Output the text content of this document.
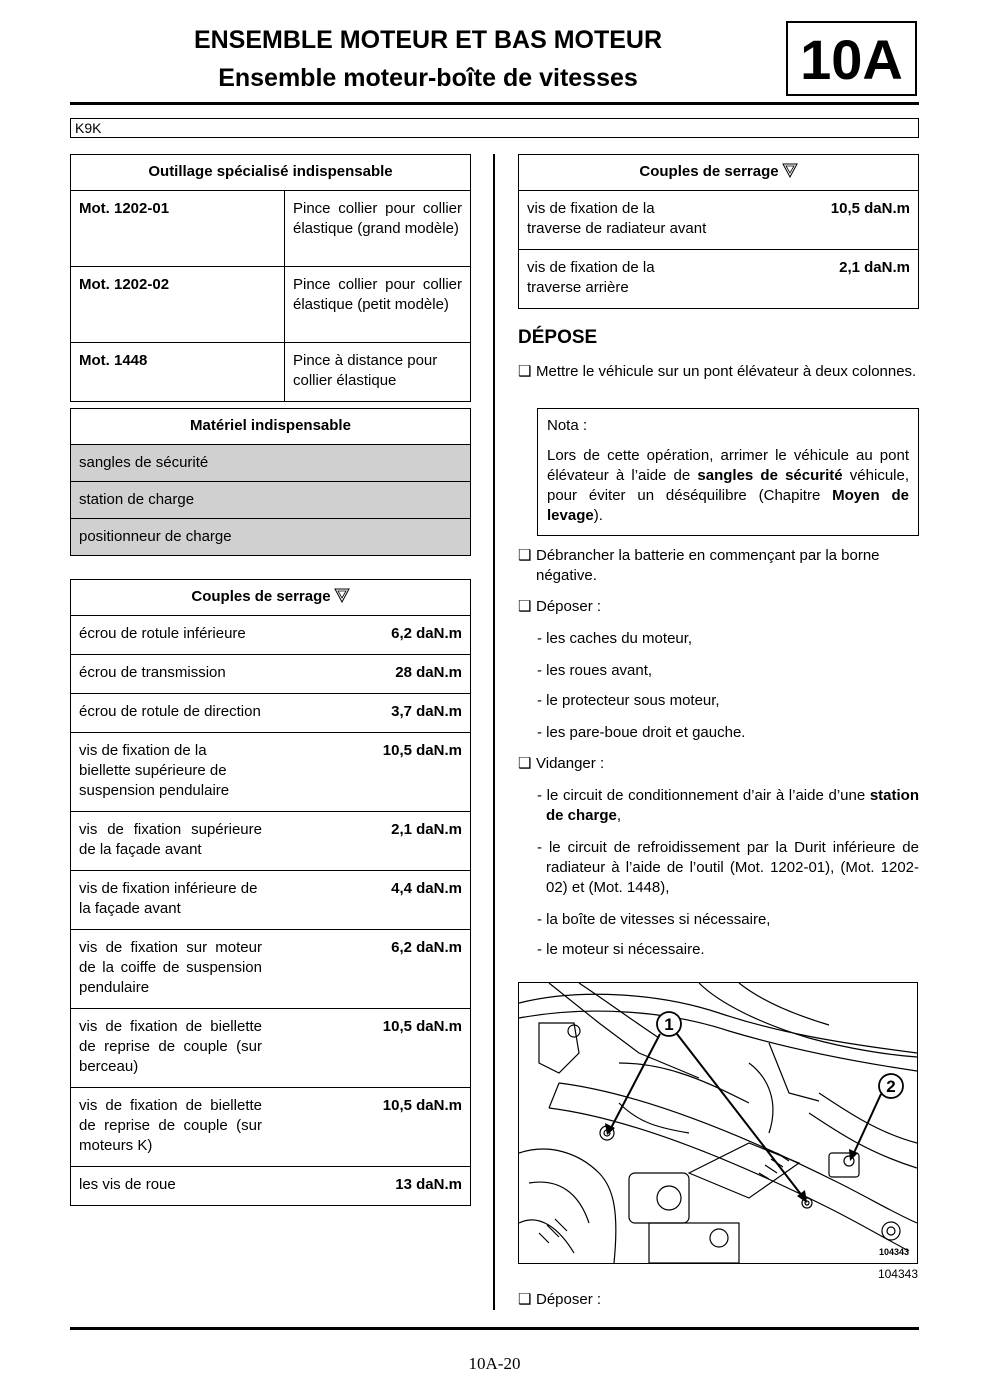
ENSEMBLE MOTEUR ET BAS MOTEUR
Ensemble moteur-boîte de vitesses	10A
K9K
Outillage spécialisé indispensable	
Mot. 1202-01	Pince collier pour collier élastique (grand modèle)
Mot. 1202-02	Pince collier pour collier élastique (petit modèle)
Mot. 1448	Pince à distance pour collier élastique
Matériel indispensable
sangles de sécurité
station de charge
positionneur de charge
Couples de serrage	
écrou de rotule inférieure	6,2 daN.m
écrou de transmission	28 daN.m
écrou de rotule de direction	3,7 daN.m
vis de fixation de la biellette supérieure de suspension pendulaire	10,5 daN.m
vis de fixation supérieure de la façade avant	2,1 daN.m
vis de fixation inférieure de la façade avant	4,4 daN.m
vis de fixation sur moteur de la coiffe de suspension pendulaire	6,2 daN.m
vis de fixation de biellette de reprise de couple (sur berceau)	10,5 daN.m
vis de fixation de biellette de reprise de couple (sur moteurs K)	10,5 daN.m
les vis de roue	13 daN.m
Couples de serrage	
vis de fixation de la traverse de radiateur avant	10,5 daN.m
vis de fixation de la traverse arrière	2,1 daN.m
DÉPOSE
❑ Mettre le véhicule sur un pont élévateur à deux colonnes.
Nota :
Lors de cette opération, arrimer le véhicule au pont élévateur à l’aide de sangles de sécurité véhicule, pour éviter un déséquilibre (Chapitre Moyen de levage).
❑ Débrancher la batterie en commençant par la borne négative.
❑ Déposer :
- les caches du moteur,
- les roues avant,
- le protecteur sous moteur,
- les pare-boue droit et gauche.
❑ Vidanger :
- le circuit de conditionnement d’air à l’aide d’une station de charge,
- le circuit de refroidissement par la Durit inférieure de radiateur à l’aide de l’outil (Mot. 1202-01), (Mot. 1202-02) et (Mot. 1448),
- la boîte de vitesses si nécessaire,
- le moteur si nécessaire.
1
2
104343
104343
❑ Déposer :
10A-20
